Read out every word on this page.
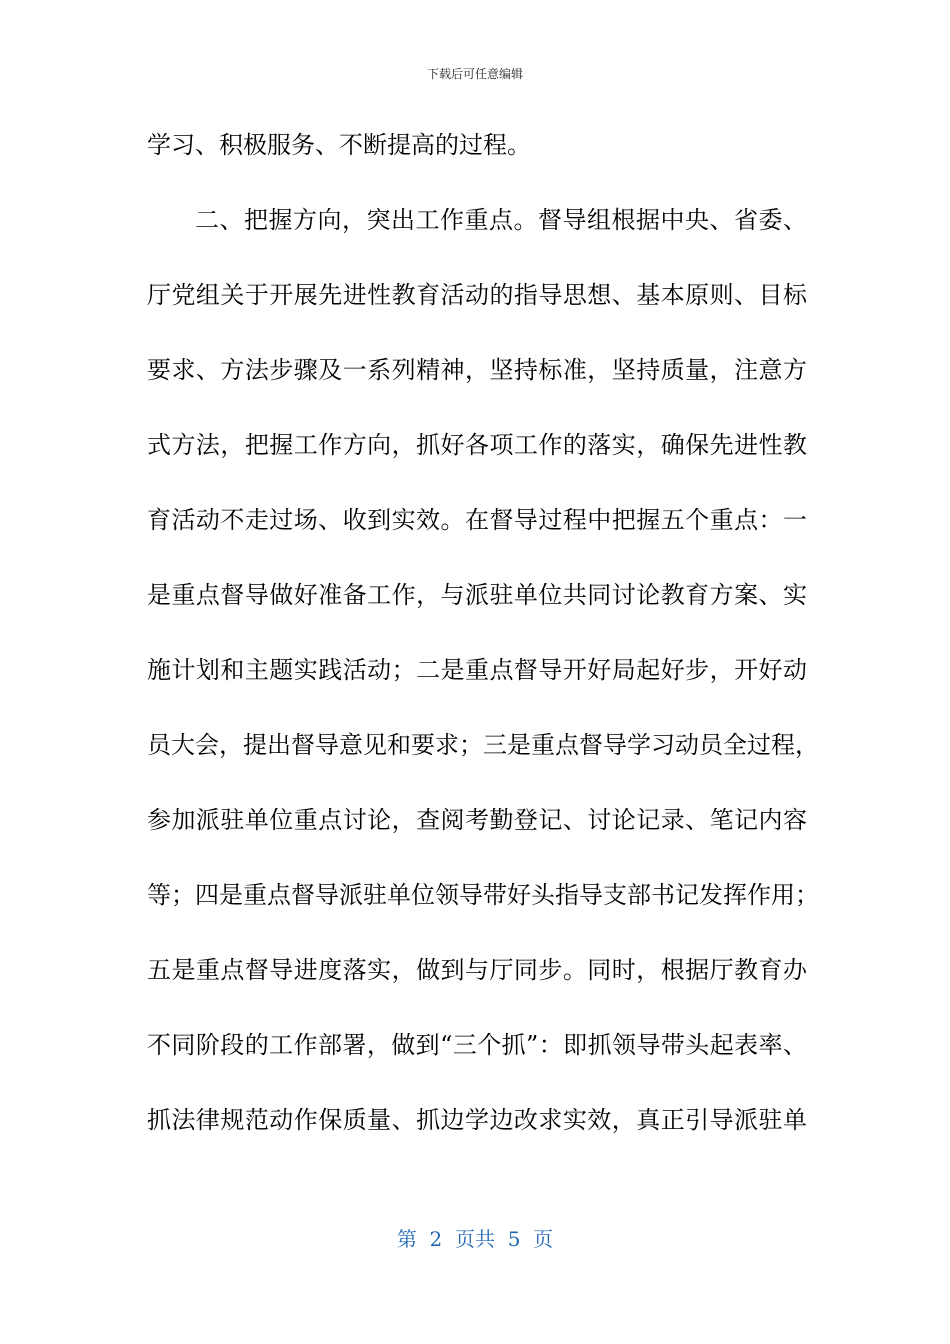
下载后可任意编辑
学习、积极服务、不断提高的过程。
二、把握方向，突出工作重点。督导组根据中央、省委、
厅党组关于开展先进性教育活动的指导思想、基本原则、目标
要求、方法步骤及一系列精神，坚持标准，坚持质量，注意方
式方法，把握工作方向，抓好各项工作的落实，确保先进性教
育活动不走过场、收到实效。在督导过程中把握五个重点：一
是重点督导做好准备工作，与派驻单位共同讨论教育方案、实
施计划和主题实践活动；二是重点督导开好局起好步，开好动
员大会，提出督导意见和要求；三是重点督导学习动员全过程，
参加派驻单位重点讨论，查阅考勤登记、讨论记录、笔记内容
等；四是重点督导派驻单位领导带好头指导支部书记发挥作用；
五是重点督导进度落实，做到与厅同步。同时，根据厅教育办
不同阶段的工作部署，做到“三个抓”：即抓领导带头起表率、
抓法律规范动作保质量、抓边学边改求实效，真正引导派驻单
第  2  页共  5  页
